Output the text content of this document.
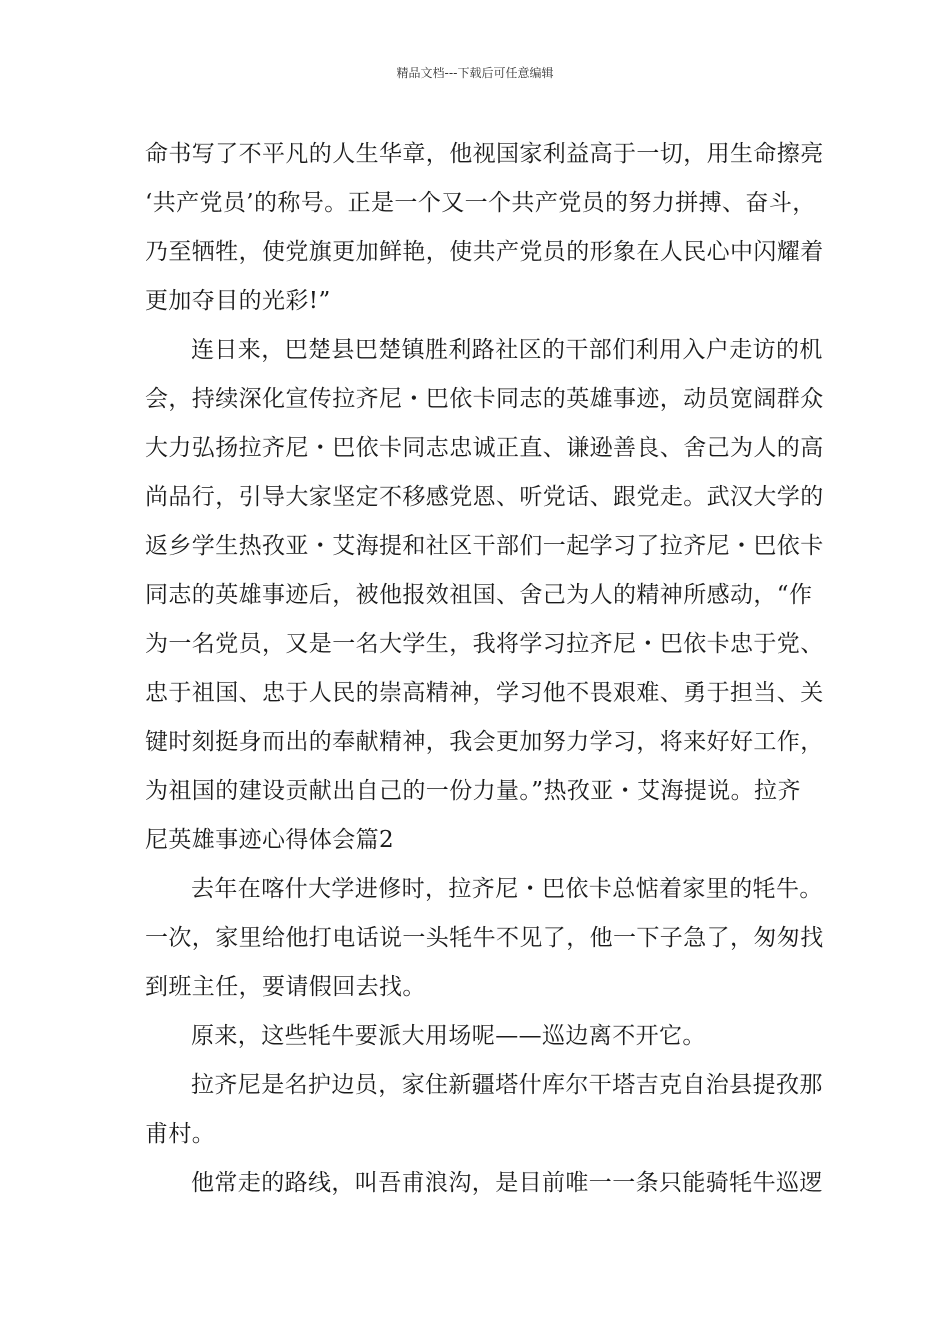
精品文档---下载后可任意编辑
命书写了不平凡的人生华章，他视国家利益高于一切，用生命擦亮
‘共产党员’的称号。正是一个又一个共产党员的努力拼搏、奋斗，
乃至牺牲，使党旗更加鲜艳，使共产党员的形象在人民心中闪耀着
更加夺目的光彩!”
连日来，巴楚县巴楚镇胜利路社区的干部们利用入户走访的机
会，持续深化宣传拉齐尼・巴依卡同志的英雄事迹，动员宽阔群众
大力弘扬拉齐尼・巴依卡同志忠诚正直、谦逊善良、舍己为人的高
尚品行，引导大家坚定不移感党恩、听党话、跟党走。武汉大学的
返乡学生热孜亚・艾海提和社区干部们一起学习了拉齐尼・巴依卡
同志的英雄事迹后，被他报效祖国、舍己为人的精神所感动，“作
为一名党员，又是一名大学生，我将学习拉齐尼・巴依卡忠于党、
忠于祖国、忠于人民的崇高精神，学习他不畏艰难、勇于担当、关
键时刻挺身而出的奉献精神，我会更加努力学习，将来好好工作，
为祖国的建设贡献出自己的一份力量。”热孜亚・艾海提说。拉齐
尼英雄事迹心得体会篇2
去年在喀什大学进修时，拉齐尼・巴依卡总惦着家里的牦牛。
一次，家里给他打电话说一头牦牛不见了，他一下子急了，匆匆找
到班主任，要请假回去找。
原来，这些牦牛要派大用场呢——巡边离不开它。
拉齐尼是名护边员，家住新疆塔什库尔干塔吉克自治县提孜那
甫村。
他常走的路线，叫吾甫浪沟，是目前唯一一条只能骑牦牛巡逻
